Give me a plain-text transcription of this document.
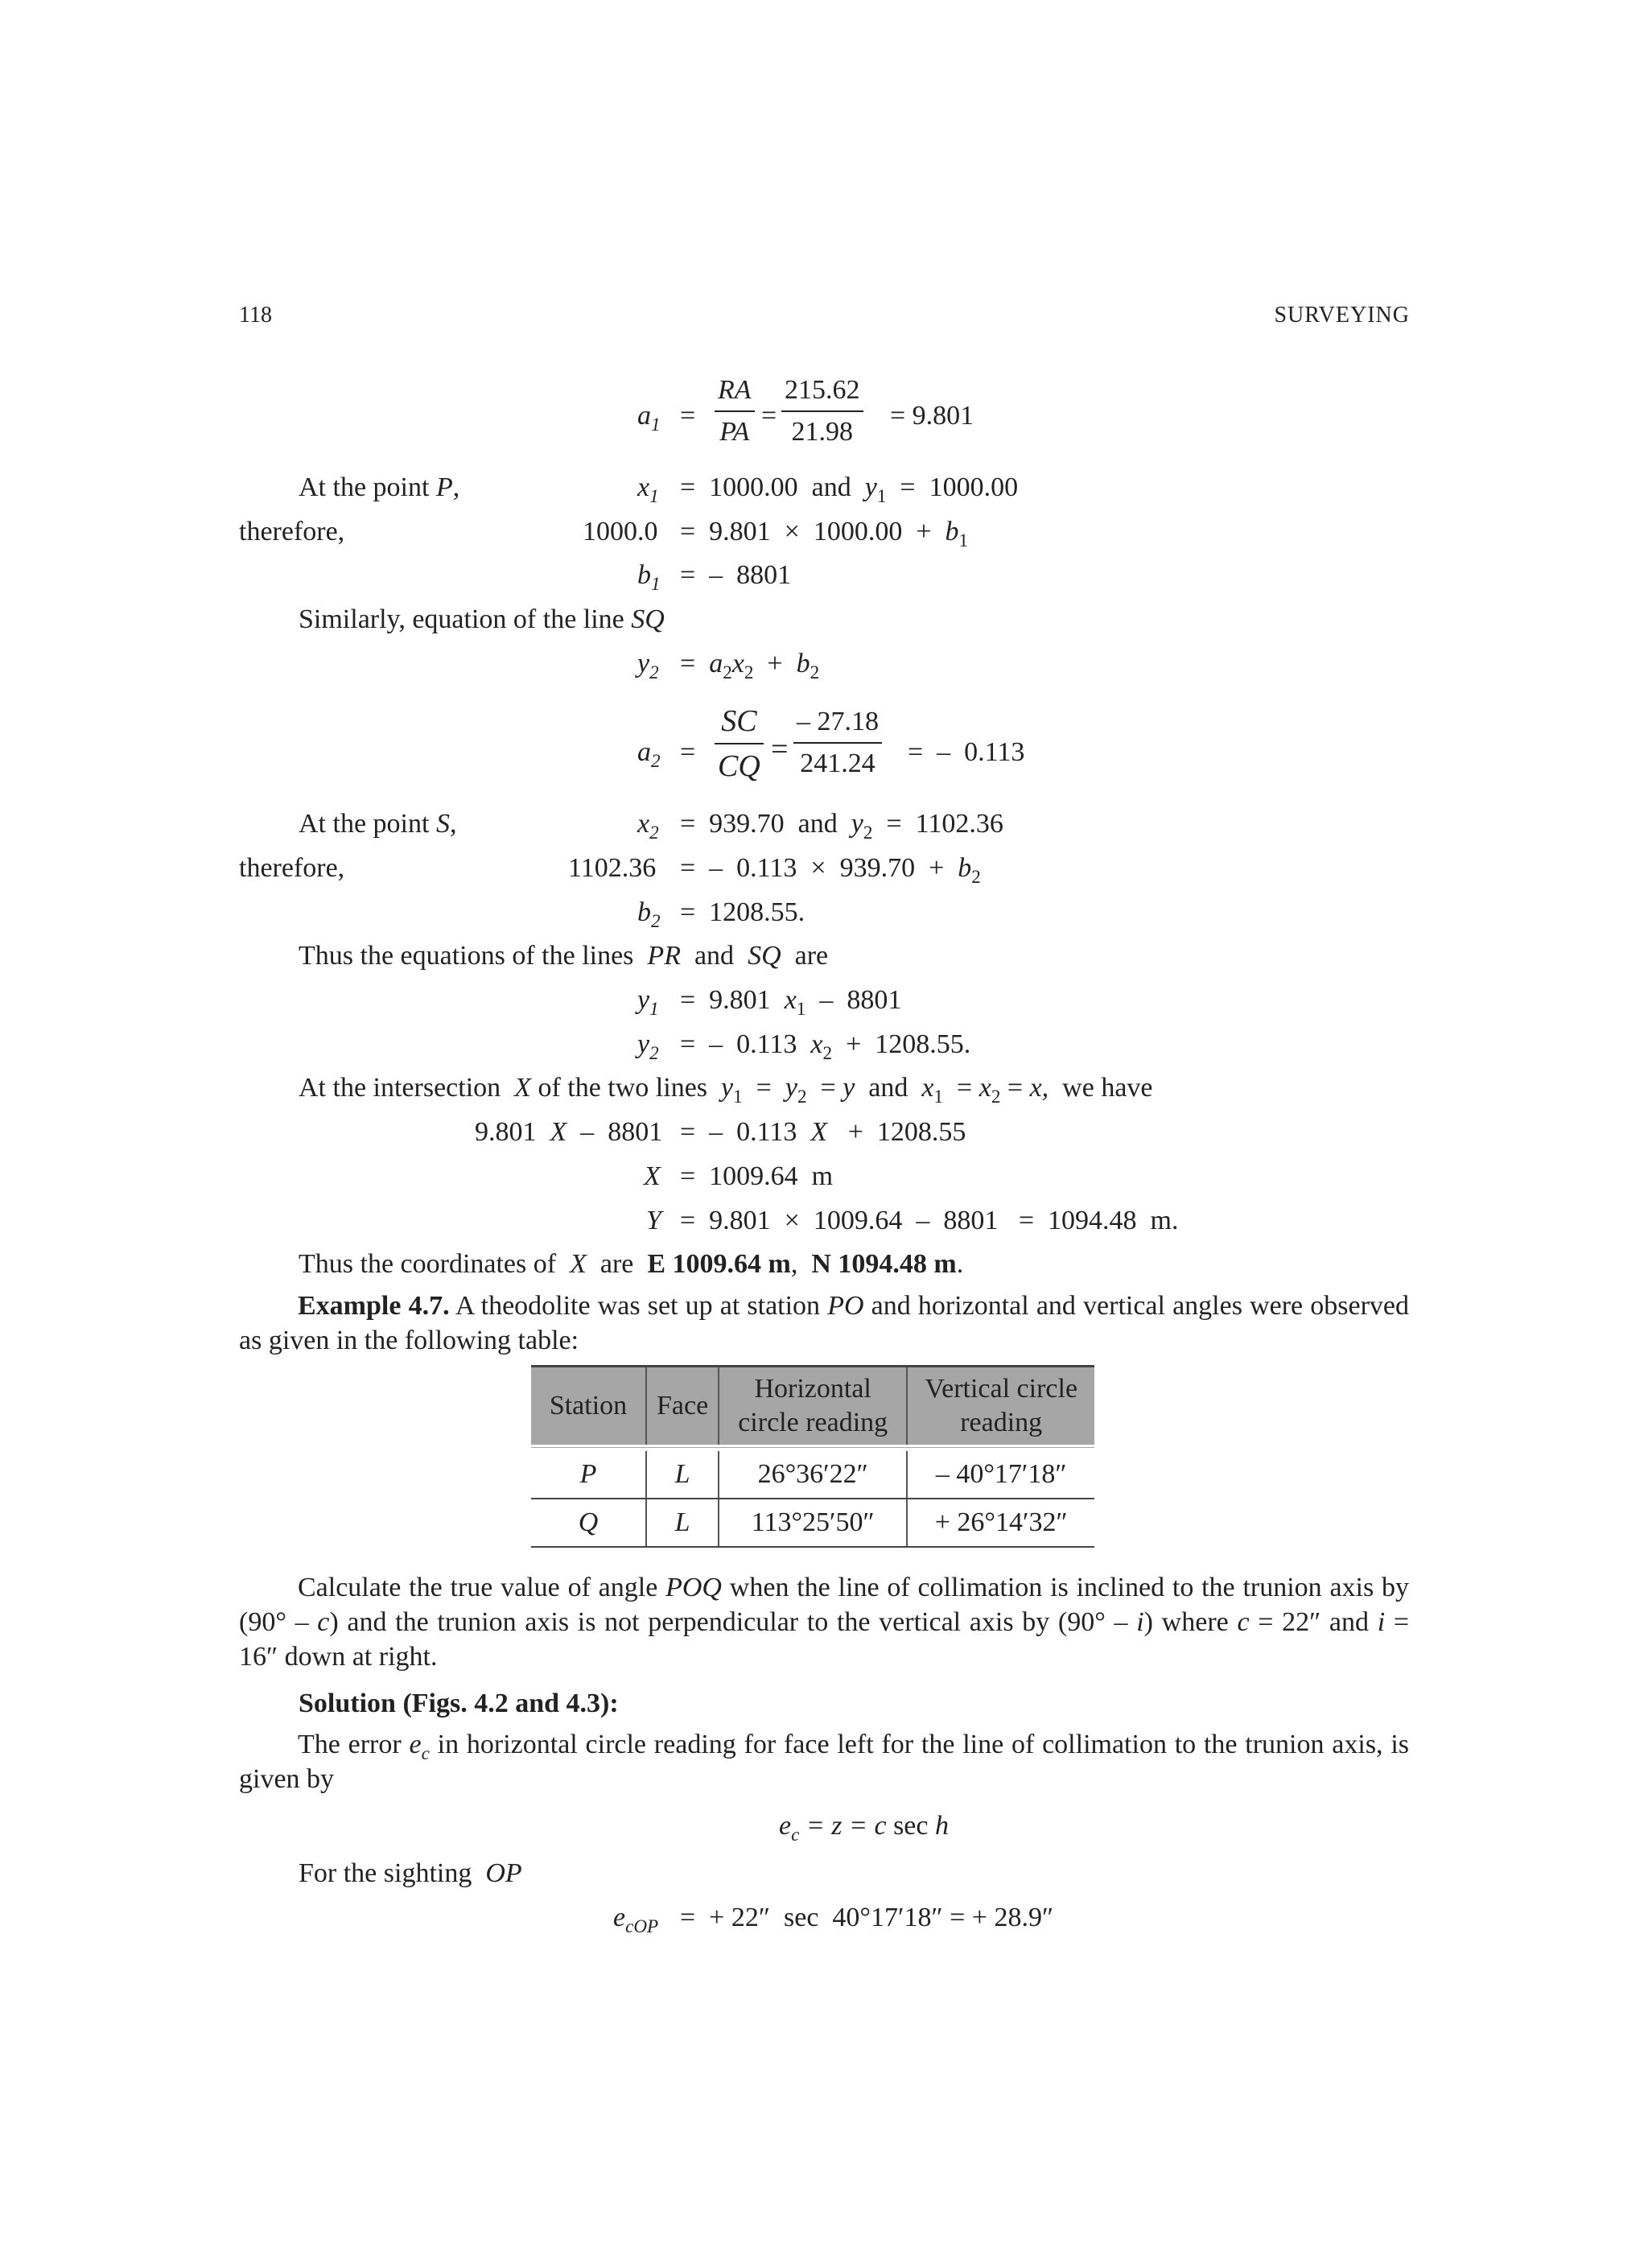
118	SURVEYING
$a_1$ =
RA
PA
=
215.62
21.98
= 9.801
At the point P,	$x_1 = 1000.00$  and  $y_1 = 1000.00$
therefore,	$1000.0 = 9.801 \times 1000.00 + b_1$
$b_1$ =  –  8801
Similarly, equation of the line SQ
$y_2 = a_2x_2 + b_2$
$a_2$ =
SC
CQ =
– 27.18
241.24 =  –  0.113
At the point S,	$x_2 = 939.70$  and  $y_2 = 1102.36$
therefore,	1102.36 =  –  $0.113 \times 939.70 + b_2$
$b_2 = 1208.55$.
Thus the equations of the lines PR  and  SQ  are
$y_1 = 9.801$  $x_1 - 8801$
$y_2$ =  –  0.113  $x_2 + 1208.55$.
At the intersection X of the two lines $y_1 = y_2 = y$  and  $x_1 = x_2 = x$, we have
9.801  X  –  8801 =  –  0.113  X   +  1208.55
X =  1009.64  m
Y =  9.801  ×  1009.64  –  8801   =  1094.48  m.
Thus the coordinates of X are E 1009.64 m,  N 1094.48 m.
Example 4.7. A theodolite was set up at station PO and horizontal and vertical angles were observed as given in the following table:
Station	Face	Horizontal circle reading	Vertical circle reading
P	L	26°36′22″	– 40°17′18″
Q	L	113°25′50″	+ 26°14′32″
Calculate the true value of angle POQ when the line of collimation is inclined to the trunion axis by (90° – c) and the trunion axis is not perpendicular to the vertical axis by (90° – i) where c = 22″ and i = 16″ down at right.
Solution (Figs. 4.2 and 4.3):
The error $e_c$ in horizontal circle reading for face left for the line of collimation to the trunion axis, is given by
$e_c = z = c$ sec h
For the sighting OP
$e_{cOP}$ =  + 22″  sec  40°17′18″ = + 28.9″
